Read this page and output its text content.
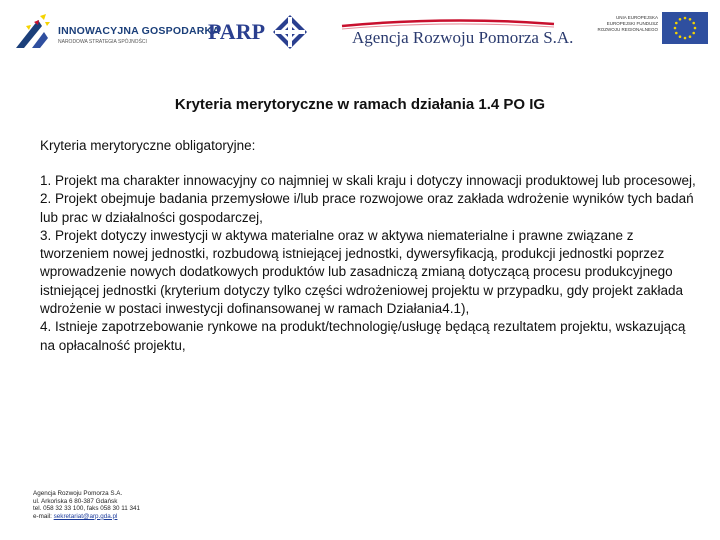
INNOWACYJNA GOSPODARKA
NARODOWA STRATEGIA SPÓJNOŚCI	PARP	Agencja Rozwoju Pomorza S.A.
UNIA EUROPEJSKA
EUROPEJSKI FUNDUSZ
ROZWOJU REGIONALNEGO
Kryteria merytoryczne w ramach działania 1.4 PO IG
Kryteria merytoryczne obligatoryjne:

1. Projekt ma charakter innowacyjny co najmniej w skali kraju i dotyczy innowacji produktowej lub procesowej,

2. Projekt obejmuje badania przemysłowe i/lub prace rozwojowe oraz zakłada wdrożenie wyników tych badań lub prac w działalności gospodarczej,

3. Projekt dotyczy inwestycji w aktywa materialne oraz w aktywa niematerialne i prawne związane z tworzeniem nowej jednostki, rozbudową istniejącej jednostki, dywersyfikacją, produkcji jednostki poprzez wprowadzenie nowych dodatkowych produktów lub zasadniczą zmianą dotyczącą procesu produkcyjnego istniejącej jednostki (kryterium dotyczy tylko części wdrożeniowej projektu w przypadku, gdy projekt zakłada wdrożenie w postaci inwestycji dofinansowanej w ramach Działania4.1),

4. Istnieje zapotrzebowanie rynkowe na produkt/technologię/usługę będącą rezultatem projektu, wskazującą na opłacalność projektu,

Agencja Rozwoju Pomorza S.A.
ul. Arkońska 6 80-387 Gdańsk
tel. 058 32 33 100, faks 058 30 11 341
e-mail: sekretariat@arp.gda.pl
